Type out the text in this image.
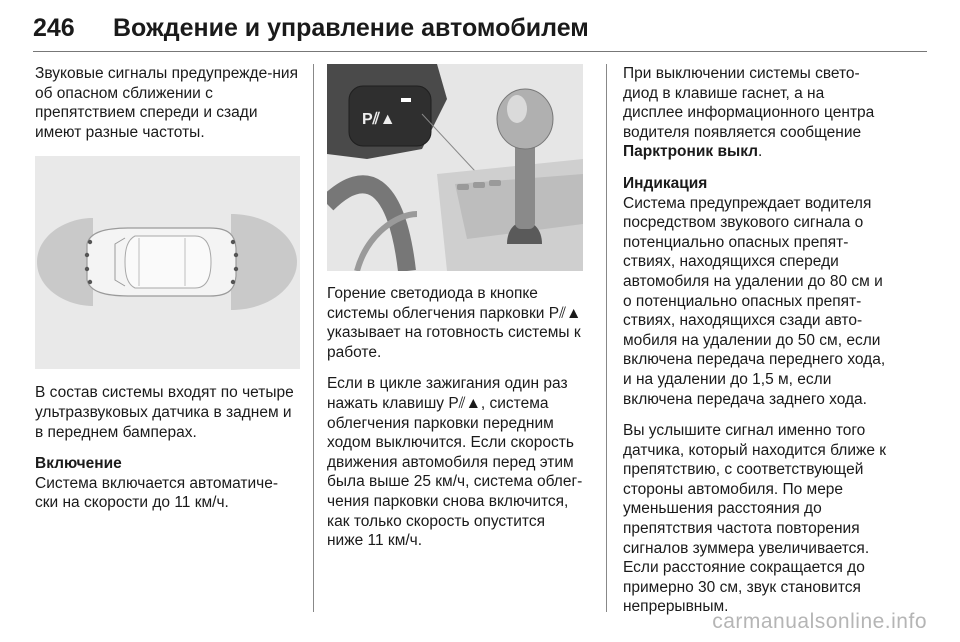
246 Вождение и управление автомобилем

Звуковые сигналы предупрежде-ния об опасном сближении с препятствием спереди и сзади имеют разные частоты.

В состав системы входят по четыре ультразвуковых датчика в заднем и в переднем бамперах.

Включение

Система включается автоматиче-ски на скорости до 11 км/ч.

P⫽▲

Горение светодиода в кнопке системы облегчения парковки P⫽▲ указывает на готовность системы к работе.

Если в цикле зажигания один раз нажать клавишу P⫽▲, система облегчения парковки передним ходом выключится. Если скорость движения автомобиля перед этим была выше 25 км/ч, система облег-чения парковки снова включится, как только скорость опустится ниже 11 км/ч.

При выключении системы свето-диод в клавише гаснет, а на дисплее информационного центра водителя появляется сообщение Парктроник выкл.

Индикация

Система предупреждает водителя посредством звукового сигнала о потенциально опасных препят-ствиях, находящихся спереди автомобиля на удалении до 80 см и о потенциально опасных препят-ствиях, находящихся сзади авто-мобиля на удалении до 50 см, если включена передача переднего хода, и на удалении до 1,5 м, если включена передача заднего хода.

Вы услышите сигнал именно того датчика, который находится ближе к препятствию, с соответствующей стороны автомобиля. По мере уменьшения расстояния до препятствия частота повторения сигналов зуммера увеличивается. Если расстояние сокращается до примерно 30 см, звук становится непрерывным.

carmanualsonline.info
